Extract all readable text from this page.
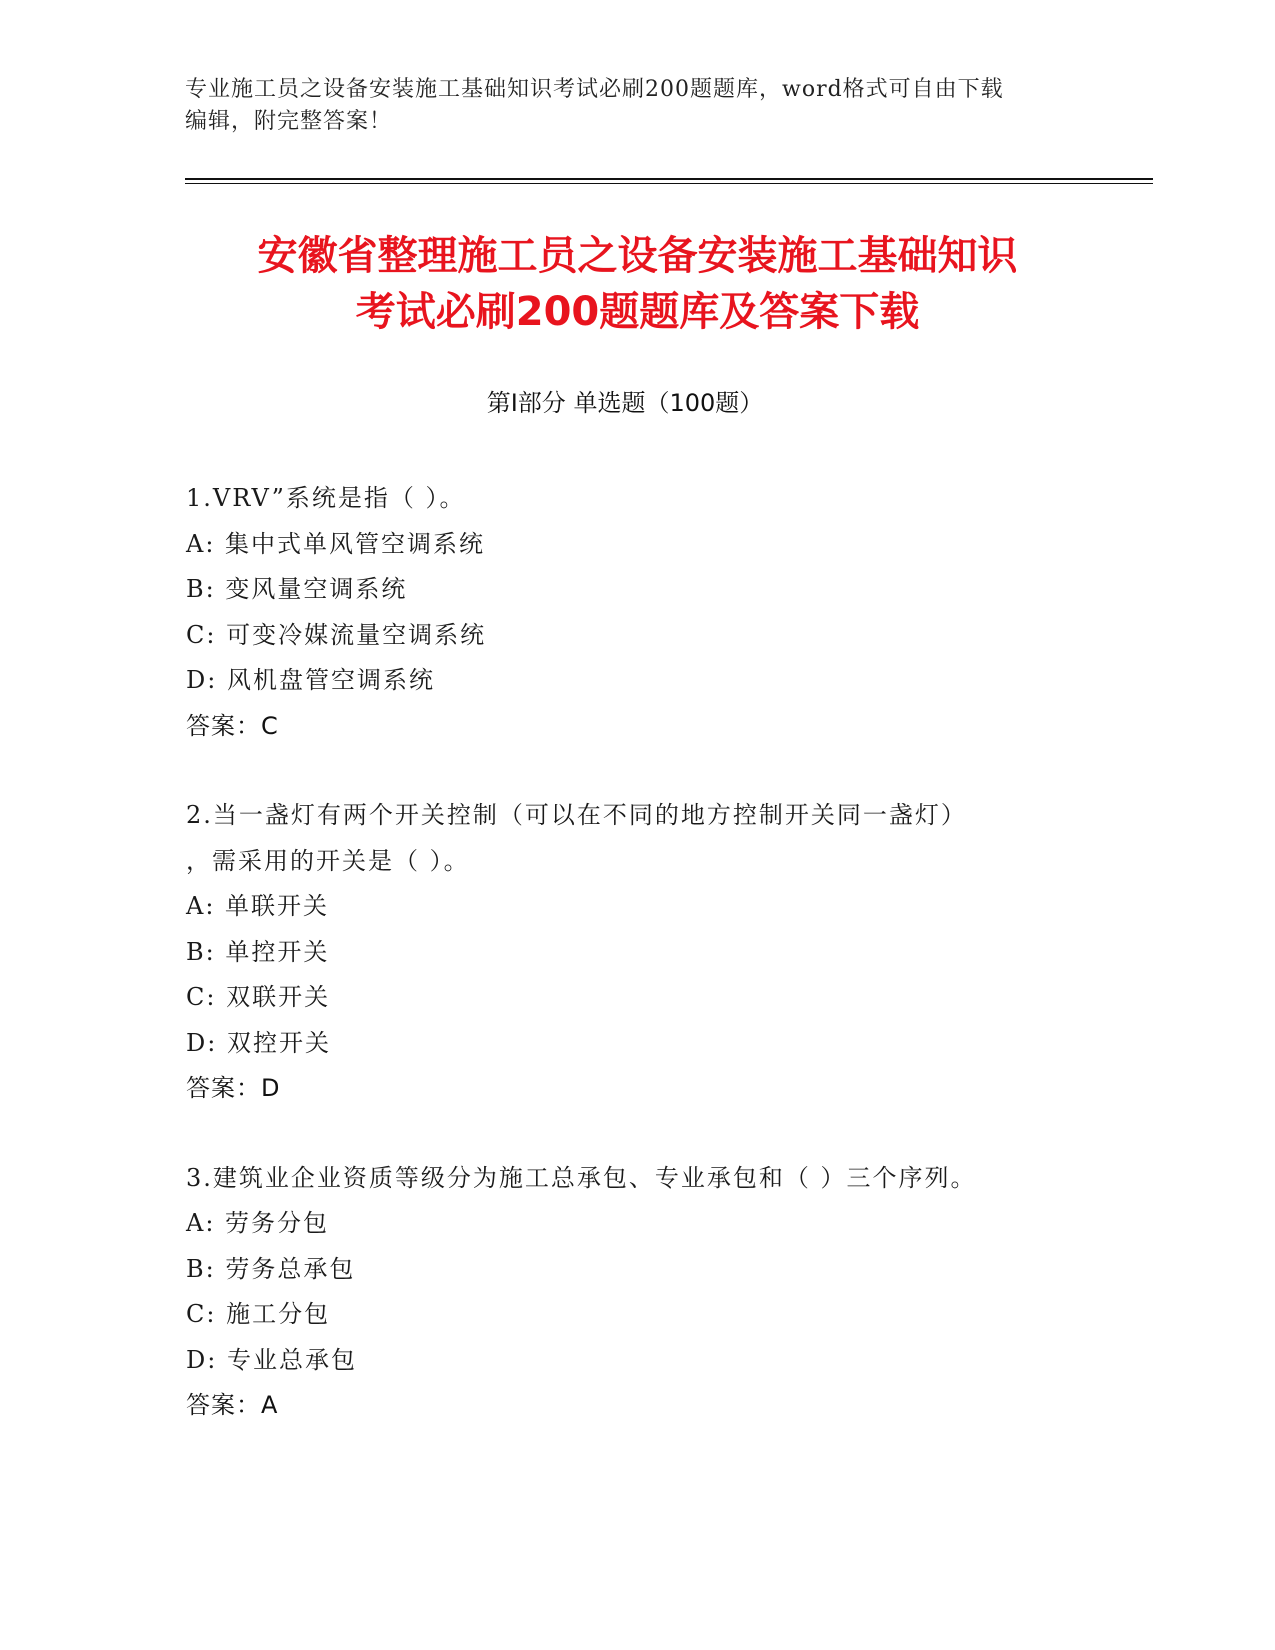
专业施工员之设备安装施工基础知识考试必刷200题题库，word格式可自由下载
编辑，附完整答案！
安徽省整理施工员之设备安装施工基础知识
考试必刷200题题库及答案下载
第Ⅰ部分 单选题（100题）
1.VRV”系统是指（ ）。
A: 集中式单风管空调系统
B: 变风量空调系统
C: 可变冷媒流量空调系统
D: 风机盘管空调系统
答案：C
2.当一盏灯有两个开关控制（可以在不同的地方控制开关同一盏灯）
，需采用的开关是（ ）。
A: 单联开关
B: 单控开关
C: 双联开关
D: 双控开关
答案：D
3.建筑业企业资质等级分为施工总承包、专业承包和（ ）三个序列。
A: 劳务分包
B: 劳务总承包
C: 施工分包
D: 专业总承包
答案：A
